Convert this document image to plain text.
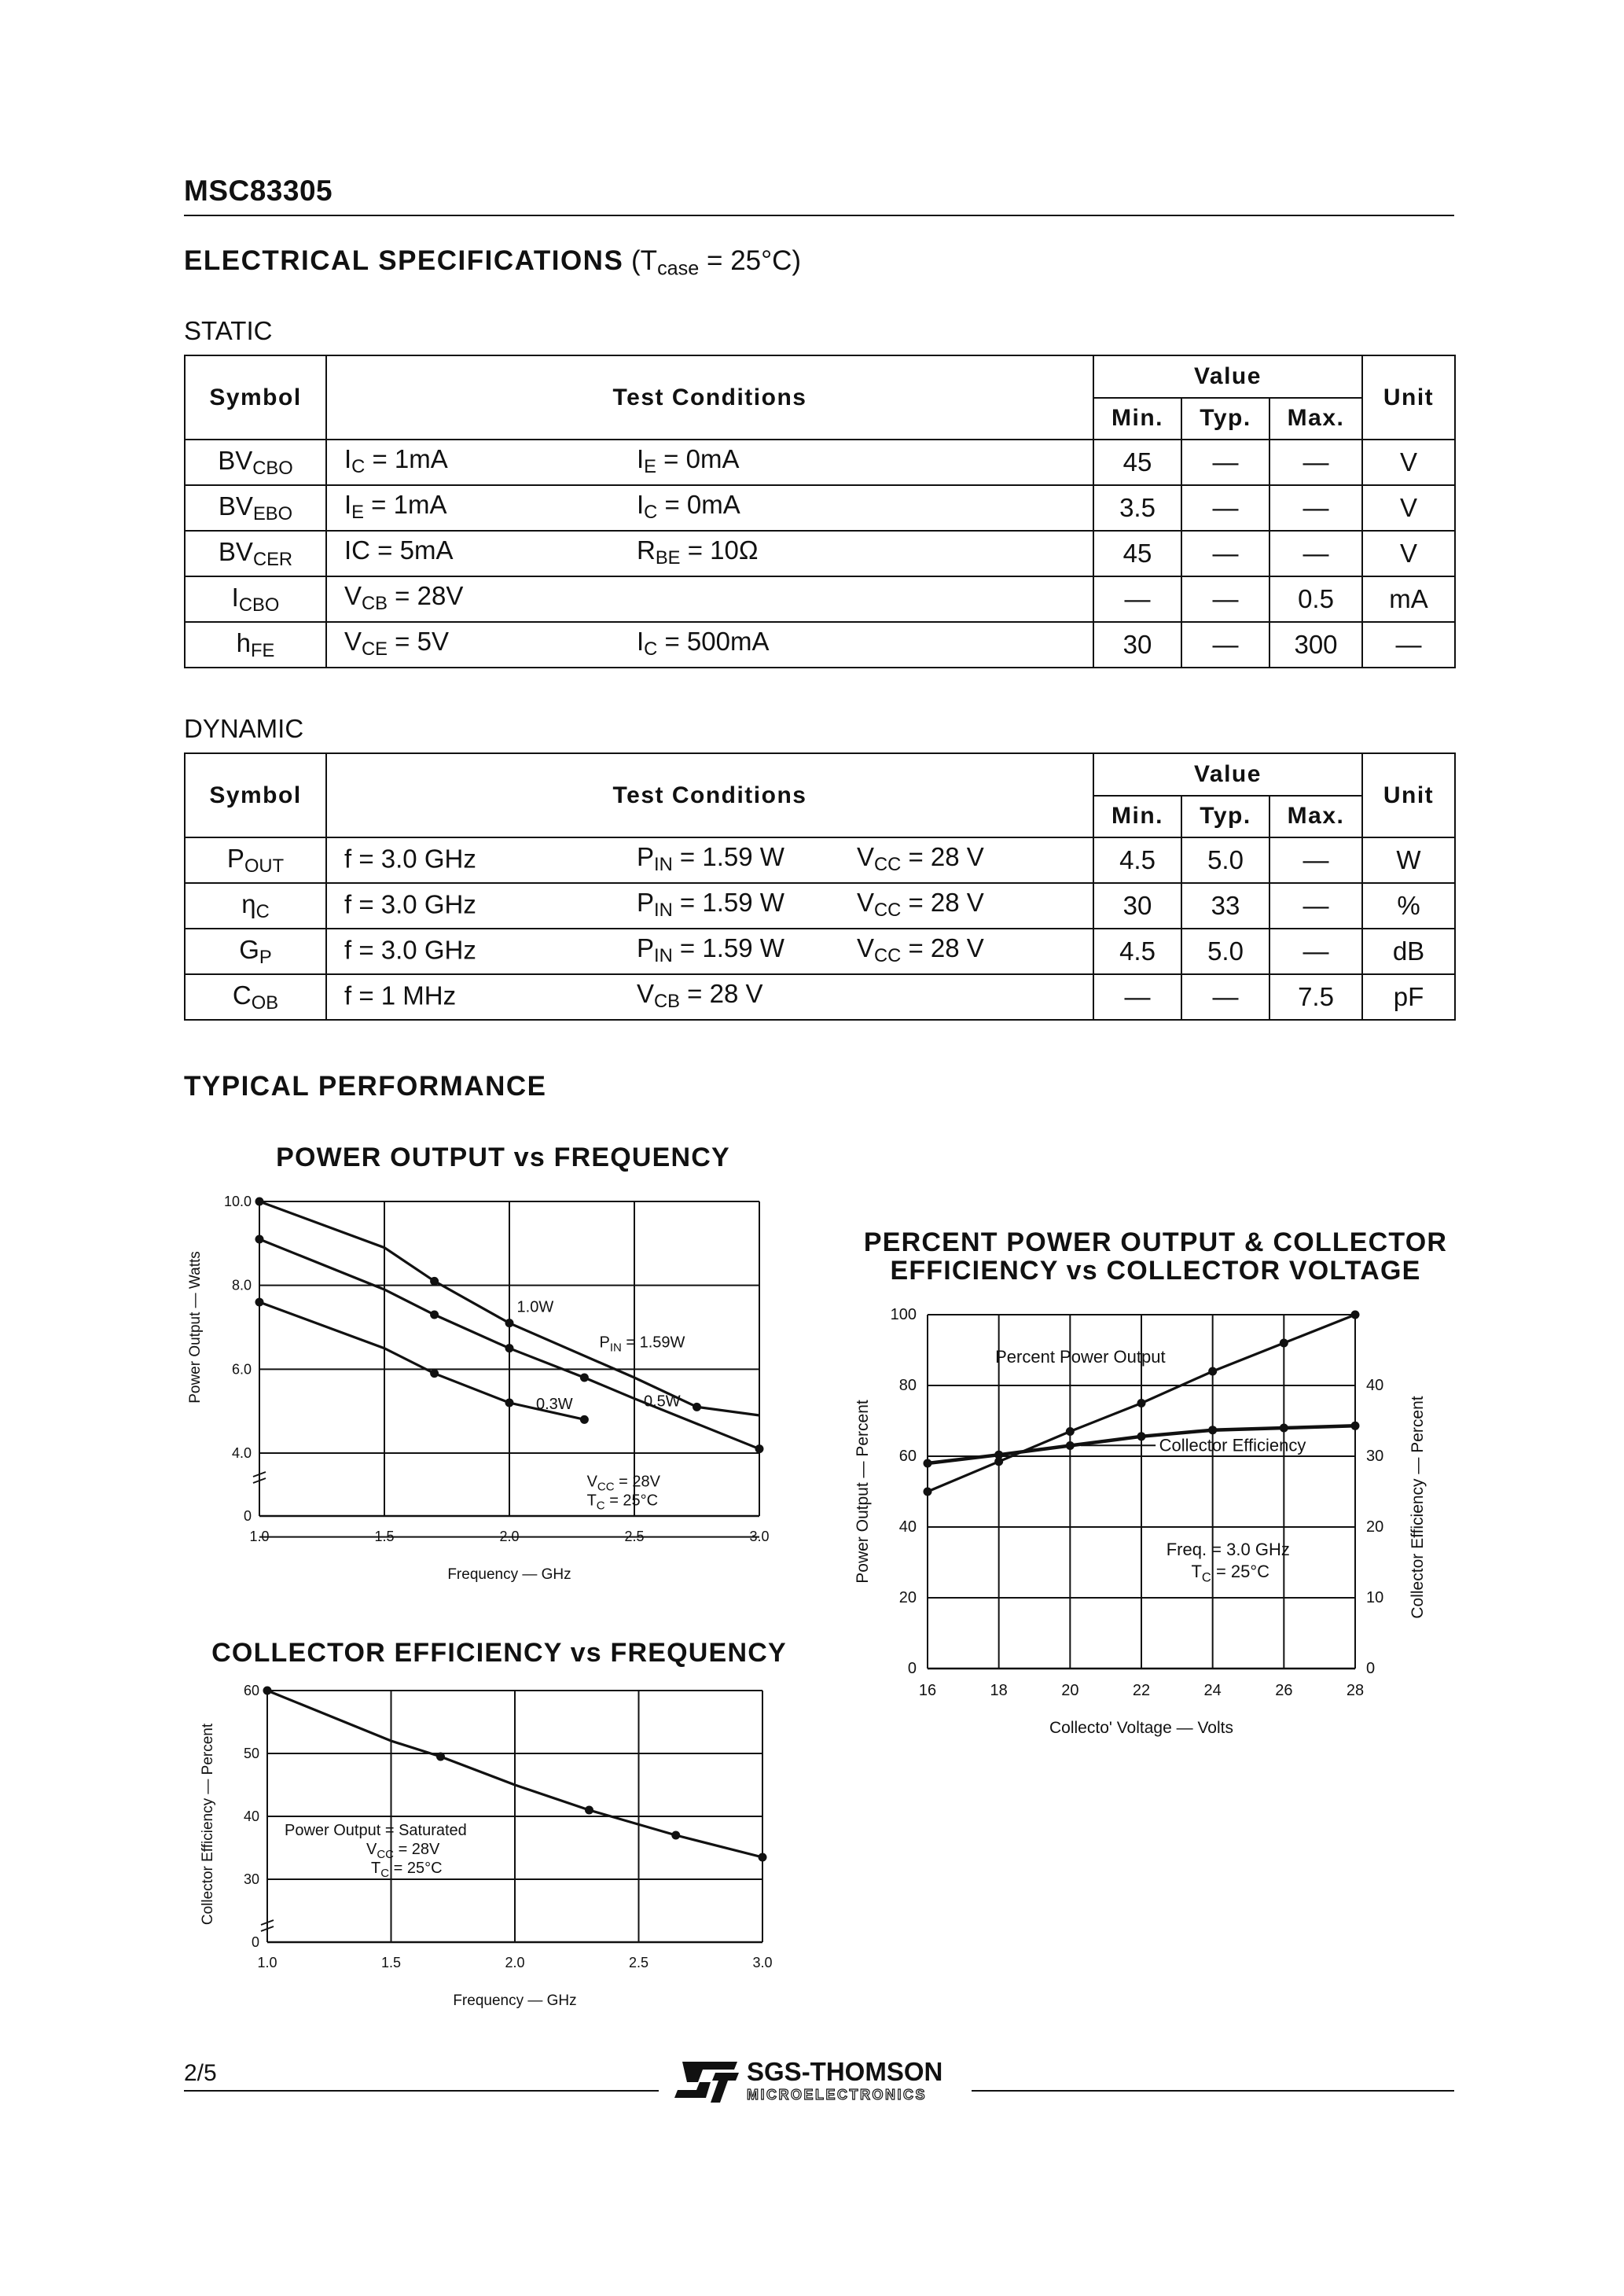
MSC83305
ELECTRICAL SPECIFICATIONS $(T_{case} = 25^\circ C)$
STATIC
Symbol	Test Conditions	Value			Unit
		Min.	Typ.	Max.	
$BV_{CBO}$	$I_C = 1mA$ $I_E = 0mA$	45	—	—	V
$BV_{EBO}$	$I_E = 1mA$ $I_C = 0mA$	3.5	—	—	V
$BV_{CER}$	IC = 5mA $R_{BE} = 10\Omega$	45	—	—	V
$I_{CBO}$	$V_{CB} = 28V$	—	—	0.5	mA
$h_{FE}$	$V_{CE} = 5V$ $I_C = 500mA$	30	—	300	—
DYNAMIC
Symbol	Test Conditions	Value			Unit
		Min.	Typ.	Max.	
$P_{OUT}$	f = 3.0 GHz $P_{IN} = 1.59$ W $V_{CC} = 28$ V	4.5	5.0	—	W
$\eta_C$	f = 3.0 GHz $P_{IN} = 1.59$ W $V_{CC} = 28$ V	30	33	—	%
$G_P$	f = 3.0 GHz $P_{IN} = 1.59$ W $V_{CC} = 28$ V	4.5	5.0	—	dB
$C_{OB}$	f = 1 MHz $V_{CB} = 28$ V	—	—	7.5	pF
TYPICAL PERFORMANCE
POWER OUTPUT vs FREQUENCY
0
4.0
6.0
8.0
10.0
1.0	1.5	2.0	2.5	3.0
Frequency — GHz
Power Output — Watts	1.0W
0.5W
0.3W
$P_{IN} = 1.59W$
$V_{CC} = 28V$
$T_C = 25^\circ C$
COLLECTOR EFFICIENCY vs FREQUENCY
0
30
40
50
60
1.0	1.5	2.0	2.5	3.0
Frequency — GHz
Collector Efficiency — Percent	Power Output = Saturated
$V_{CC} = 28V$
$T_C = 25^\circ C$
PERCENT POWER OUTPUT & COLLECTOR
EFFICIENCY vs COLLECTOR VOLTAGE
0
20
40
60
80
100
0
10
20
30
40
16	18	20	22	24	26	28
Collecto' Voltage — Volts
Power Output — Percent	Collector Efficiency — Percent
Percent Power Output
Collector Efficiency
Freq. = 3.0 GHz
$T_C = 25^\circ C$
2/5	SGS-THOMSON
MICROELECTRONICS
